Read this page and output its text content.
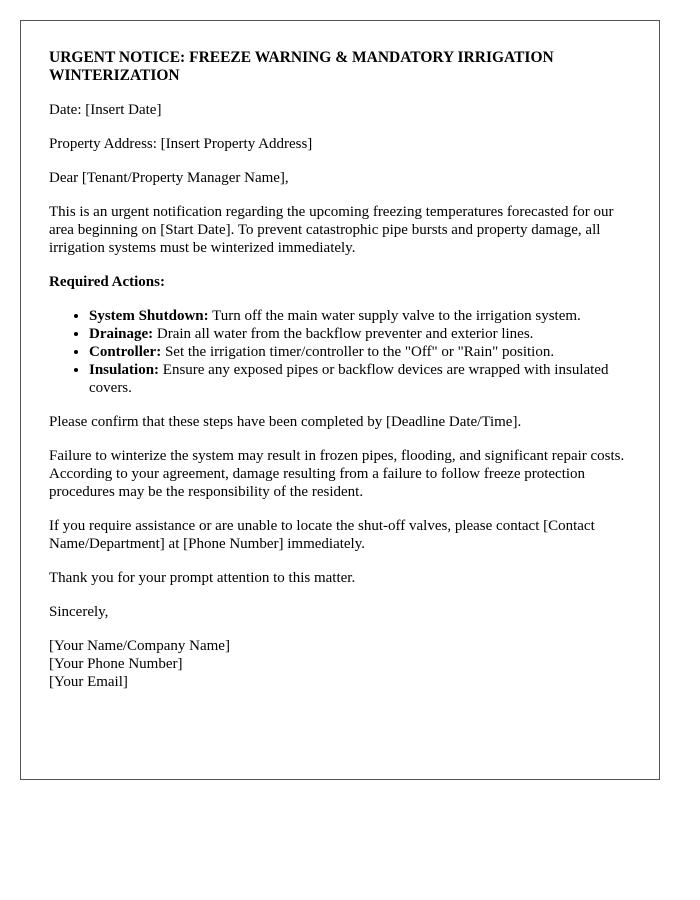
URGENT NOTICE: FREEZE WARNING & MANDATORY IRRIGATION WINTERIZATION

Date: [Insert Date]

Property Address: [Insert Property Address]

Dear [Tenant/Property Manager Name],

This is an urgent notification regarding the upcoming freezing temperatures forecasted for our area beginning on [Start Date]. To prevent catastrophic pipe bursts and property damage, all irrigation systems must be winterized immediately.

Required Actions:
• System Shutdown: Turn off the main water supply valve to the irrigation system.
• Drainage: Drain all water from the backflow preventer and exterior lines.
• Controller: Set the irrigation timer/controller to the "Off" or "Rain" position.
• Insulation: Ensure any exposed pipes or backflow devices are wrapped with insulated covers.

Please confirm that these steps have been completed by [Deadline Date/Time].

Failure to winterize the system may result in frozen pipes, flooding, and significant repair costs. According to your agreement, damage resulting from a failure to follow freeze protection procedures may be the responsibility of the resident.

If you require assistance or are unable to locate the shut-off valves, please contact [Contact Name/Department] at [Phone Number] immediately.

Thank you for your prompt attention to this matter.

Sincerely,

[Your Name/Company Name]
[Your Phone Number]
[Your Email]
